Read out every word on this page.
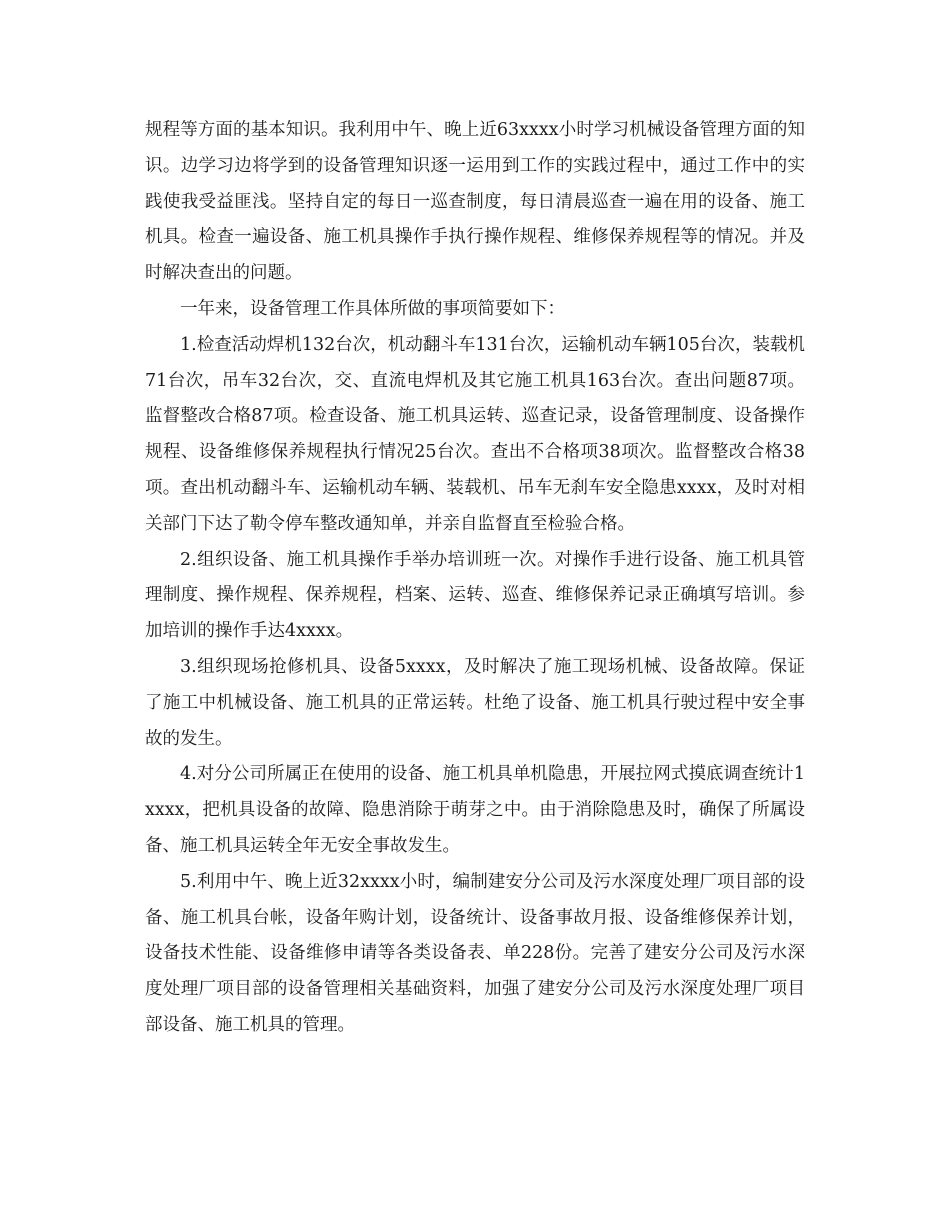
规程等方面的基本知识。我利用中午、晚上近63xxxx小时学习机械设备管理方面的知识。边学习边将学到的设备管理知识逐一运用到工作的实践过程中，通过工作中的实践使我受益匪浅。坚持自定的每日一巡查制度，每日清晨巡查一遍在用的设备、施工机具。检查一遍设备、施工机具操作手执行操作规程、维修保养规程等的情况。并及时解决查出的问题。

一年来，设备管理工作具体所做的事项简要如下：

1.检查活动焊机132台次，机动翻斗车131台次，运输机动车辆105台次，装载机71台次，吊车32台次，交、直流电焊机及其它施工机具163台次。查出问题87项。监督整改合格87项。检查设备、施工机具运转、巡查记录，设备管理制度、设备操作规程、设备维修保养规程执行情况25台次。查出不合格项38项次。监督整改合格38项。查出机动翻斗车、运输机动车辆、装载机、吊车无刹车安全隐患xxxx，及时对相关部门下达了勒令停车整改通知单，并亲自监督直至检验合格。

2.组织设备、施工机具操作手举办培训班一次。对操作手进行设备、施工机具管理制度、操作规程、保养规程，档案、运转、巡查、维修保养记录正确填写培训。参加培训的操作手达4xxxx。

3.组织现场抢修机具、设备5xxxx，及时解决了施工现场机械、设备故障。保证了施工中机械设备、施工机具的正常运转。杜绝了设备、施工机具行驶过程中安全事故的发生。

4.对分公司所属正在使用的设备、施工机具单机隐患，开展拉网式摸底调查统计1xxxx，把机具设备的故障、隐患消除于萌芽之中。由于消除隐患及时，确保了所属设备、施工机具运转全年无安全事故发生。

5.利用中午、晚上近32xxxx小时，编制建安分公司及污水深度处理厂项目部的设备、施工机具台帐，设备年购计划，设备统计、设备事故月报、设备维修保养计划，设备技术性能、设备维修申请等各类设备表、单228份。完善了建安分公司及污水深度处理厂项目部的设备管理相关基础资料，加强了建安分公司及污水深度处理厂项目部设备、施工机具的管理。
